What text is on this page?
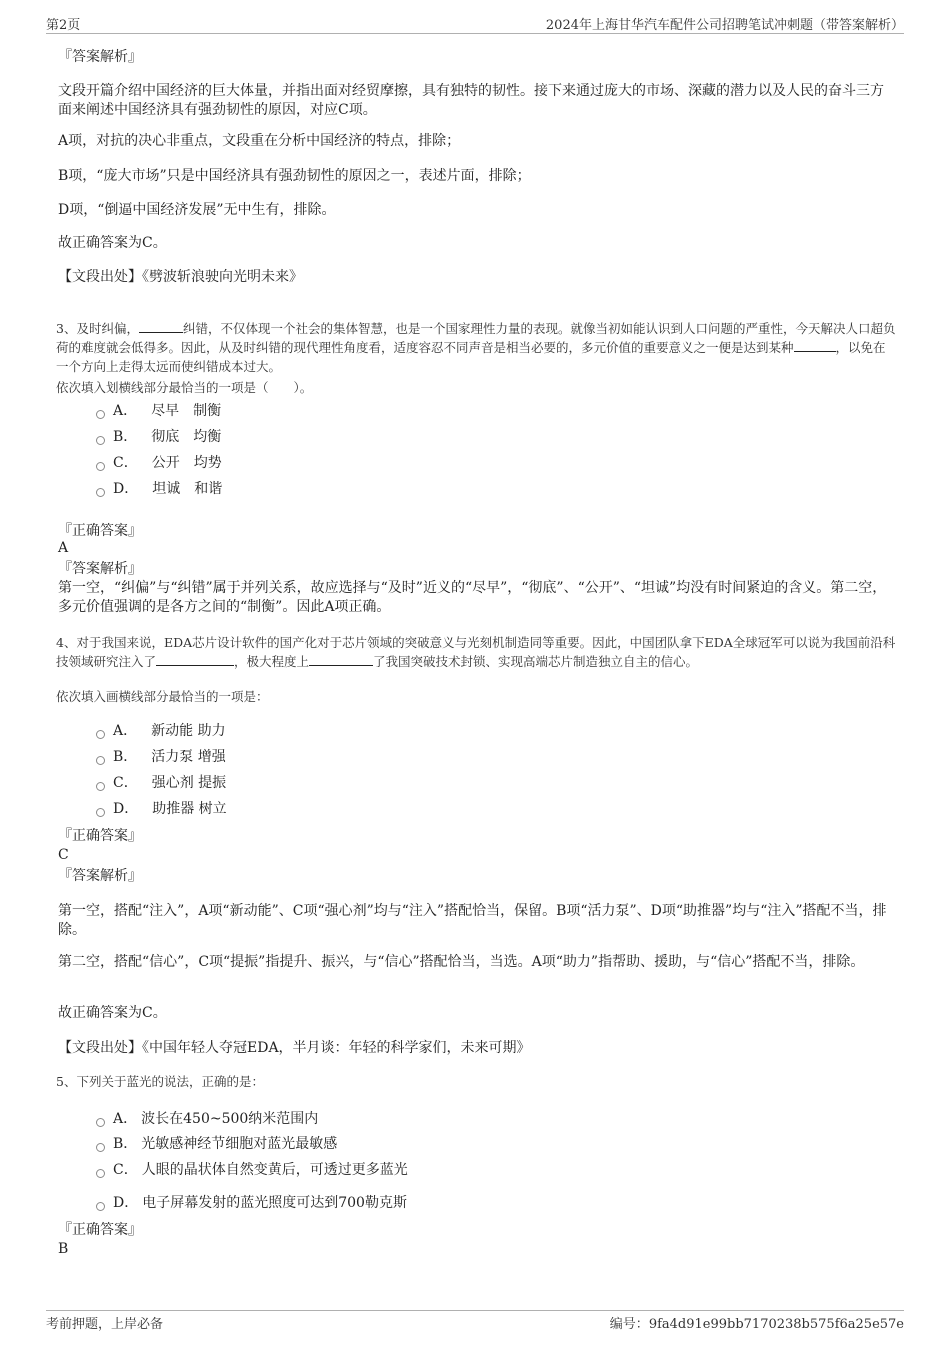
第2页	2024年上海甘华汽车配件公司招聘笔试冲刺题（带答案解析）
『答案解析』
文段开篇介绍中国经济的巨大体量，并指出面对经贸摩擦，具有独特的韧性。接下来通过庞大的市场、深藏的潜力以及人民的奋斗三方面来阐述中国经济具有强劲韧性的原因，对应C项。
A项，对抗的决心非重点，文段重在分析中国经济的特点，排除；
B项，“庞大市场”只是中国经济具有强劲韧性的原因之一，表述片面，排除；
D项，“倒逼中国经济发展”无中生有，排除。
故正确答案为C。
【文段出处】《劈波斩浪驶向光明未来》
3、及时纠偏，	纠错，不仅体现一个社会的集体智慧，也是一个国家理性力量的表现。就像当初如能认识到人口问题的严重性，今天解决人口超负荷的难度就会低得多。因此，从及时纠错的现代理性角度看，适度容忍不同声音是相当必要的，多元价值的重要意义之一便是达到某种	，以免在一个方向上走得太远而使纠错成本过大。
依次填入划横线部分最恰当的一项是（　　）。
A． 尽早　制衡
B． 彻底　均衡
C． 公开　均势
D． 坦诚　和谐
『正确答案』
A
『答案解析』
第一空，“纠偏”与“纠错”属于并列关系，故应选择与“及时”近义的“尽早”，“彻底”、“公开”、“坦诚”均没有时间紧迫的含义。第二空，多元价值强调的是各方之间的“制衡”。因此A项正确。
4、对于我国来说，EDA芯片设计软件的国产化对于芯片领域的突破意义与光刻机制造同等重要。因此，中国团队拿下EDA全球冠军可以说为我国前沿科技领域研究注入了	，极大程度上	了我国突破技术封锁、实现高端芯片制造独立自主的信心。
依次填入画横线部分最恰当的一项是：
A． 新动能 助力
B． 活力泵 增强
C． 强心剂 提振
D． 助推器 树立
『正确答案』
C
『答案解析』
第一空，搭配“注入”，A项“新动能”、C项“强心剂”均与“注入”搭配恰当，保留。B项“活力泵”、D项“助推器”均与“注入”搭配不当，排除。
第二空，搭配“信心”，C项“提振”指提升、振兴，与“信心”搭配恰当，当选。A项“助力”指帮助、援助，与“信心”搭配不当，排除。
故正确答案为C。
【文段出处】《中国年轻人夺冠EDA，半月谈：年轻的科学家们，未来可期》
5、下列关于蓝光的说法，正确的是：
A． 波长在450~500纳米范围内
B． 光敏感神经节细胞对蓝光最敏感
C． 人眼的晶状体自然变黄后，可透过更多蓝光
D． 电子屏幕发射的蓝光照度可达到700勒克斯
『正确答案』
B
考前押题，上岸必备	编号：9fa4d91e99bb7170238b575f6a25e57e
